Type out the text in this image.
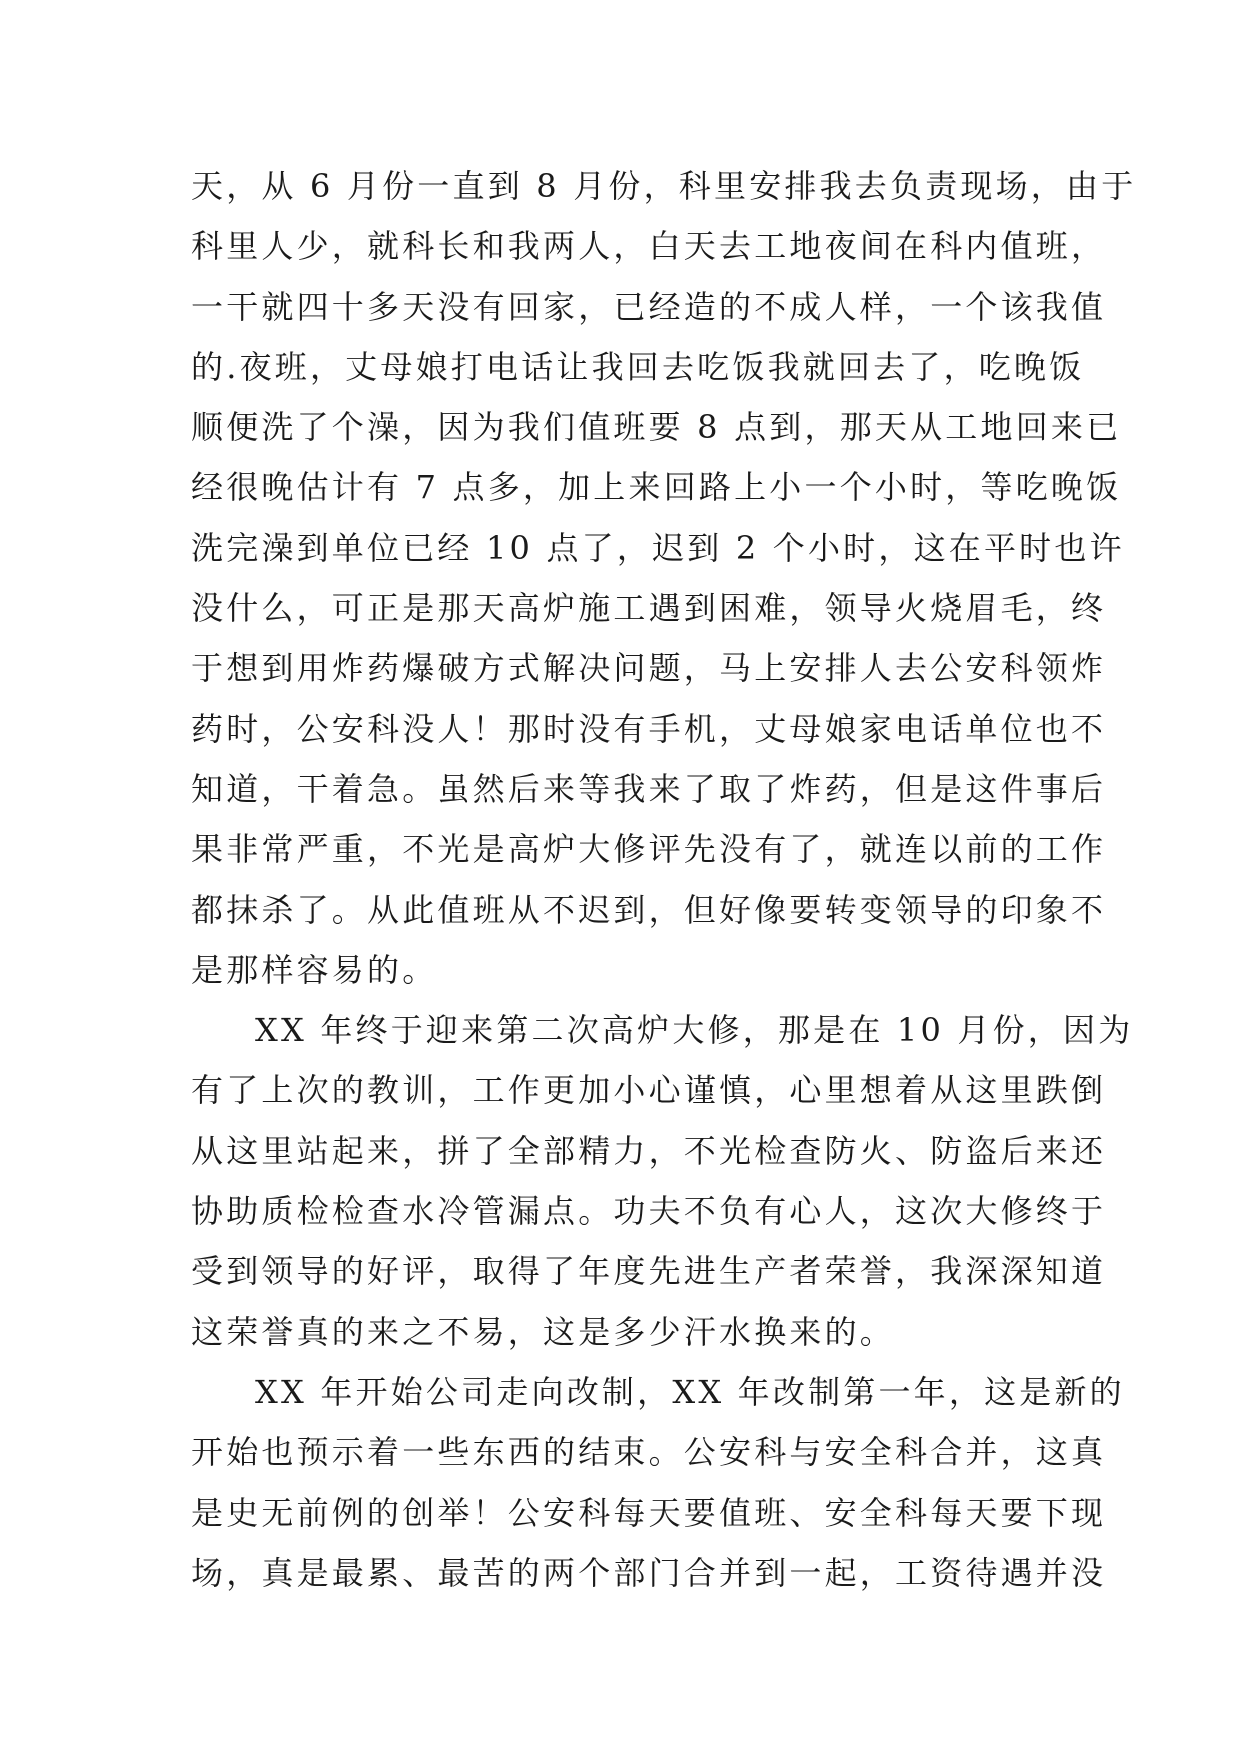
天，从 6 月份一直到 8 月份，科里安排我去负责现场，由于

科里人少，就科长和我两人，白天去工地夜间在科内值班，

一干就四十多天没有回家，已经造的不成人样，一个该我值

的.夜班，丈母娘打电话让我回去吃饭我就回去了，吃晚饭

顺便洗了个澡，因为我们值班要 8 点到，那天从工地回来已

经很晚估计有 7 点多，加上来回路上小一个小时，等吃晚饭

洗完澡到单位已经 10 点了，迟到 2 个小时，这在平时也许

没什么，可正是那天高炉施工遇到困难，领导火烧眉毛，终

于想到用炸药爆破方式解决问题，马上安排人去公安科领炸

药时，公安科没人！那时没有手机，丈母娘家电话单位也不

知道，干着急。虽然后来等我来了取了炸药，但是这件事后

果非常严重，不光是高炉大修评先没有了，就连以前的工作

都抹杀了。从此值班从不迟到，但好像要转变领导的印象不

是那样容易的。

XX 年终于迎来第二次高炉大修，那是在 10 月份，因为

有了上次的教训，工作更加小心谨慎，心里想着从这里跌倒

从这里站起来，拼了全部精力，不光检查防火、防盗后来还

协助质检检查水冷管漏点。功夫不负有心人，这次大修终于

受到领导的好评，取得了年度先进生产者荣誉，我深深知道

这荣誉真的来之不易，这是多少汗水换来的。

XX 年开始公司走向改制，XX 年改制第一年，这是新的

开始也预示着一些东西的结束。公安科与安全科合并，这真

是史无前例的创举！公安科每天要值班、安全科每天要下现

场，真是最累、最苦的两个部门合并到一起，工资待遇并没
